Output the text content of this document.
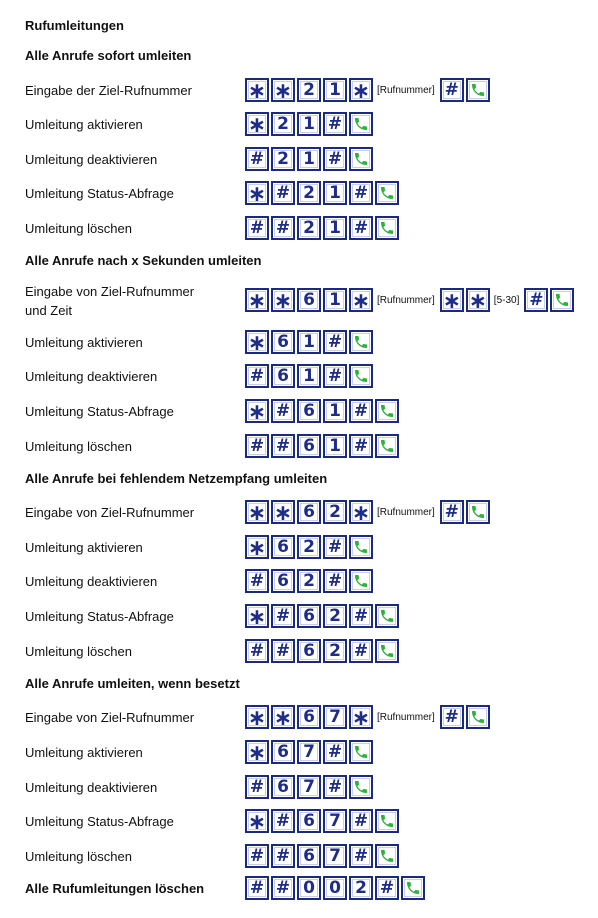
Rufumleitungen
Alle Anrufe sofort umleiten
Eingabe der Ziel-Rufnummer	∗ ∗ 2 1 ∗ [Rufnummer] #
Umleitung aktivieren	∗ 2 1 #
Umleitung deaktivieren	# 2 1 #
Umleitung Status-Abfrage	∗ # 2 1 #
Umleitung löschen	# # 2 1 #
Alle Anrufe nach x Sekunden umleiten
Eingabe von Ziel-Rufnummer
und Zeit	∗ ∗ 6 1 ∗ [Rufnummer] ∗ ∗ [5-30] #
Umleitung aktivieren	∗ 6 1 #
Umleitung deaktivieren	# 6 1 #
Umleitung Status-Abfrage	∗ # 6 1 #
Umleitung löschen	# # 6 1 #
Alle Anrufe bei fehlendem Netzempfang umleiten
Eingabe von Ziel-Rufnummer ∗ ∗ 6 2 ∗ [Rufnummer] #
Umleitung aktivieren	∗ 6 2 #
Umleitung deaktivieren	# 6 2 #
Umleitung Status-Abfrage	∗ # 6 2 #
Umleitung löschen	# # 6 2 #
Alle Anrufe umleiten, wenn besetzt
Eingabe von Ziel-Rufnummer ∗ ∗ 6 7 ∗ [Rufnummer] #
Umleitung aktivieren	∗ 6 7 #
Umleitung deaktivieren	# 6 7 #
Umleitung Status-Abfrage	∗ # 6 7 #
Umleitung löschen	# # 6 7 #
Alle Rufumleitungen löschen	# # 0 0 2 #
